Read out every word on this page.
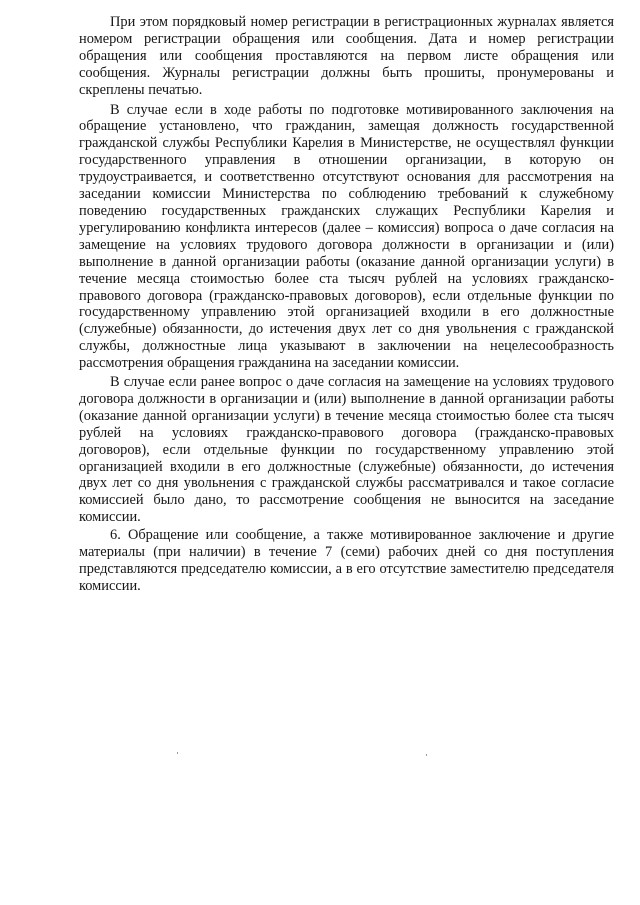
При этом порядковый номер регистрации в регистрационных журналах является номером регистрации обращения или сообщения. Дата и номер регистрации обращения или сообщения проставляются на первом листе обращения или сообщения. Журналы регистрации должны быть прошиты, пронумерованы и скреплены печатью.

В случае если в ходе работы по подготовке мотивированного заключения на обращение установлено, что гражданин, замещая должность государственной гражданской службы Республики Карелия в Министерстве, не осуществлял функции государственного управления в отношении организации, в которую он трудоустраивается, и соответственно отсутствуют основания для рассмотрения на заседании комиссии Министерства по соблюдению требований к служебному поведению государственных гражданских служащих Республики Карелия и урегулированию конфликта интересов (далее – комиссия) вопроса о даче согласия на замещение на условиях трудового договора должности в организации и (или) выполнение в данной организации работы (оказание данной организации услуги) в течение месяца стоимостью более ста тысяч рублей на условиях гражданско-правового договора (гражданско-правовых договоров), если отдельные функции по государственному управлению этой организацией входили в его должностные (служебные) обязанности, до истечения двух лет со дня увольнения с гражданской службы, должностные лица указывают в заключении на нецелесообразность рассмотрения обращения гражданина на заседании комиссии.

В случае если ранее вопрос о даче согласия на замещение на условиях трудового договора должности в организации и (или) выполнение в данной организации работы (оказание данной организации услуги) в течение месяца стоимостью более ста тысяч рублей на условиях гражданско-правового договора (гражданско-правовых договоров), если отдельные функции по государственному управлению этой организацией входили в его должностные (служебные) обязанности, до истечения двух лет со дня увольнения с гражданской службы рассматривался и такое согласие комиссией было дано, то рассмотрение сообщения не выносится на заседание комиссии.

6. Обращение или сообщение, а также мотивированное заключение и другие материалы (при наличии) в течение 7 (семи) рабочих дней со дня поступления представляются председателю комиссии, а в его отсутствие заместителю председателя комиссии.
